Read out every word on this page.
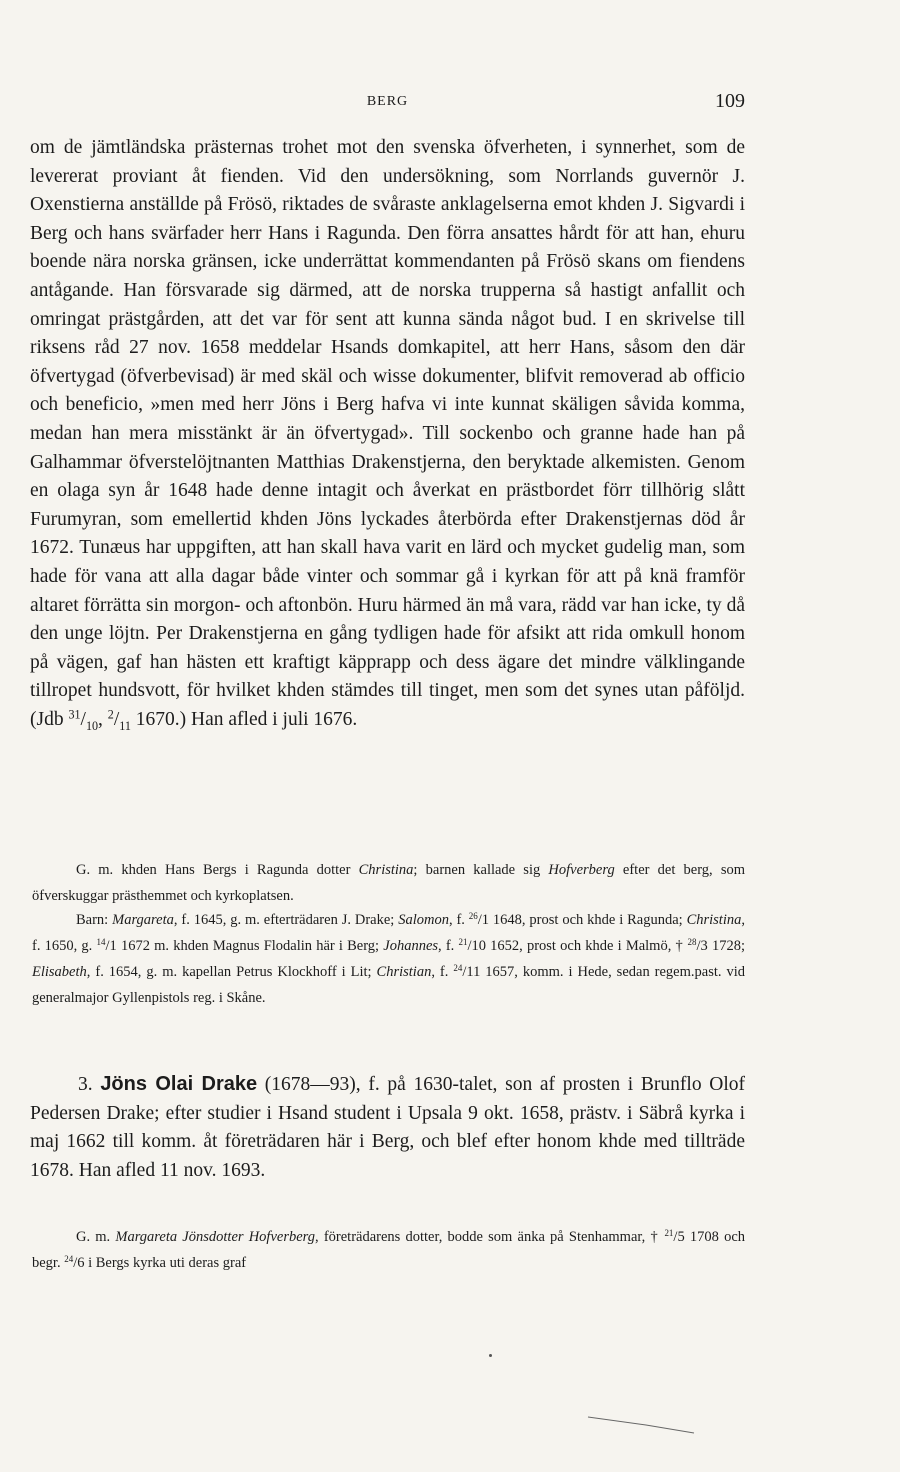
BERG	109

om de jämtländska prästernas trohet mot den svenska öfverheten, i synnerhet, som de levererat proviant åt fienden. Vid den undersökning, som Norrlands guvernör J. Oxenstierna anställde på Frösö, riktades de svåraste anklagelserna emot khden J. Sigvardi i Berg och hans svärfader herr Hans i Ragunda. Den förra ansattes hårdt för att han, ehuru boende nära norska gränsen, icke underrättat kommendanten på Frösö skans om fiendens antågande. Han försvarade sig därmed, att de norska trupperna så hastigt anfallit och omringat prästgården, att det var för sent att kunna sända något bud. I en skrivelse till riksens råd 27 nov. 1658 meddelar Hsands domkapitel, att herr Hans, såsom den där öfvertygad (öfverbevisad) är med skäl och wisse dokumenter, blifvit removerad ab officio och beneficio, »men med herr Jöns i Berg hafva vi inte kunnat skäligen såvida komma, medan han mera misstänkt är än öfvertygad». Till sockenbo och granne hade han på Galhammar öfverstelöjtnanten Matthias Drakenstjerna, den beryktade alkemisten. Genom en olaga syn år 1648 hade denne intagit och åverkat en prästbordet förr tillhörig slått Furumyran, som emellertid khden Jöns lyckades återbörda efter Drakenstjernas död år 1672. Tunæus har uppgiften, att han skall hava varit en lärd och mycket gudelig man, som hade för vana att alla dagar både vinter och sommar gå i kyrkan för att på knä framför altaret förrätta sin morgon- och aftonbön. Huru härmed än må vara, rädd var han icke, ty då den unge löjtn. Per Drakenstjerna en gång tydligen hade för afsikt att rida omkull honom på vägen, gaf han hästen ett kraftigt käpprapp och dess ägare det mindre välklingande tillropet hundsvott, för hvilket khden stämdes till tinget, men som det synes utan påföljd. (Jdb $^{31}/_{10}$, $^2/_{11}$ 1670.) Han afled i juli 1676.

G. m. khden Hans Bergs i Ragunda dotter Christina; barnen kallade sig Hofverberg efter det berg, som öfverskuggar prästhemmet och kyrkoplatsen.

Barn: Margareta, f. 1645, g. m. efterträdaren J. Drake; Salomon, f. $^{26}$/1 1648, prost och khde i Ragunda; Christina, f. 1650, g. $^{14}$/1 1672 m. khden Magnus Flodalin här i Berg; Johannes, f. $^{21}$/10 1652, prost och khde i Malmö, † $^{28}$/3 1728; Elisabeth, f. 1654, g. m. kapellan Petrus Klockhoff i Lit; Christian, f. $^{24}$/11 1657, komm. i Hede, sedan regem.past. vid generalmajor Gyllenpistols reg. i Skåne.

3. Jöns Olai Drake (1678—93), f. på 1630-talet, son af prosten i Brunflo Olof Pedersen Drake; efter studier i Hsand student i Upsala 9 okt. 1658, prästv. i Säbrå kyrka i maj 1662 till komm. åt företrädaren här i Berg, och blef efter honom khde med tillträde 1678. Han afled 11 nov. 1693.

G. m. Margareta Jönsdotter Hofverberg, företrädarens dotter, bodde som änka på Stenhammar, † $^{21}$/5 1708 och begr. $^{24}$/6 i Bergs kyrka uti deras graf
